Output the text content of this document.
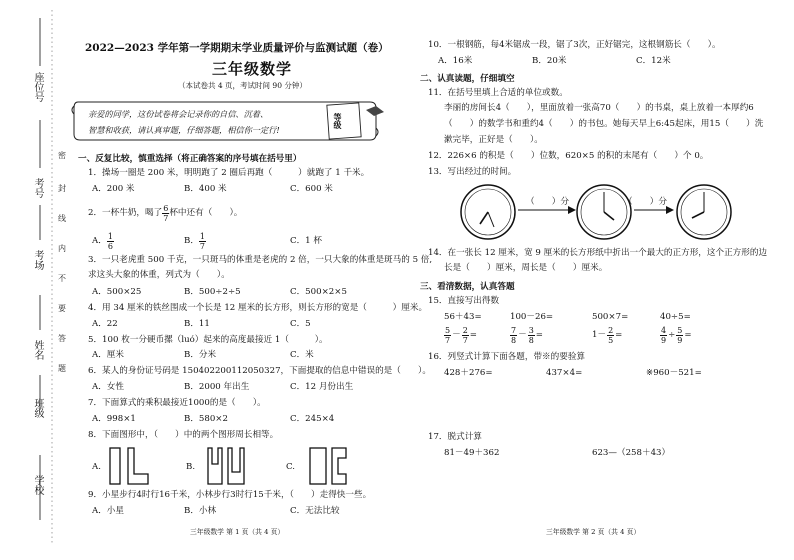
座位号
考号
考场
姓名
班级
学校
密
封
线
内
不
要
答
题
2022—2023 学年第一学期期末学业质量评价与监测试题（卷）
三年级数学
（本试卷共 4 页，考试时间 90 分钟）
亲爱的同学，这份试卷将会记录你的自信、沉着、
智慧和收获，请认真审题，仔细答题，相信你一定行!
等级
一、反复比较，慎重选择（将正确答案的序号填在括号里）
1．操场一圈是 200 米，明明跑了 2 圈后再跑（　　　）就跑了 1 千米。
A．200 米	B．400 米	C．600 米
2．一杯牛奶，喝了 $\frac{6}{7}$ 杯中还有（　　）。
A． $\frac{1}{6}$	B． $\frac{1}{7}$	C．1 杯
3．一只老虎重 500 千克，一只斑马的体重是老虎的 2 倍，一只大象的体重是斑马的 5 倍,
求这头大象的体重，列式为（　　）。
A．500×25	B．500÷2÷5	C．500×2×5
4．用 34 厘米的铁丝围成一个长是 12 厘米的长方形，则长方形的宽是（　　　）厘米。
A．22	B．11	C．5
5．100 枚一分硬币摞（luó）起来的高度最接近 1（　　　）。
A．厘米	B．分米	C．米
6．某人的身份证号码是 150402200112050327，下面提取的信息中错误的是（　　）。
A．女性	B．2000 年出生	C．12 月份出生
7．下面算式的乘积最接近1000的是（　　）。
A．998×1	B．580×2	C．245×4
8．下面图形中，（　　）中的两个图形周长相等。
A.	B.	C.
9．小星步行4时行16千米，小林步行3时行15千米，（　　）走得快一些。
A．小星	B．小林	C．无法比较
三年级数学 第 1 页（共 4 页）
10．一根钢筋，每4米锯成一段，锯了3次，正好锯完，这根钢筋长（　　）。
A．16米	B．20米	C．12米
二、认真读题，仔细填空
11．在括号里填上合适的单位或数。
李丽的房间长4（　　），里面放着一张高70（　　）的书桌，桌上放着一本厚约6
（　　）的数学书和重约4（　　）的书包。她每天早上6:45起床，用15（　　）洗
漱完毕，正好是（　　）。
12．226×6 的积是（　　）位数，620×5 的积的末尾有（　　）个 0。
13．写出经过的时间。
（　　）分	（　　）分
14．在一张长 12 厘米，宽 9 厘米的长方形纸中折出一个最大的正方形，这个正方形的边
长是（　　）厘米，周长是（　　）厘米。
三、看清数据，认真答题
15．直接写出得数
56＋43=	100－26=	500×7=	40÷5=
$\frac{5}{7} - \frac{2}{7}$ =	$\frac{7}{8} - \frac{3}{8}$ =	$1- \frac{2}{5}$ =	$\frac{4}{9} \div \frac{5}{9}$ =
16．列竖式计算下面各题，带※的要验算
428＋276=	437×4=	※960－521=
17．脱式计算
81－49＋362	623—（258＋43）
三年级数学 第 2 页（共 4 页）
